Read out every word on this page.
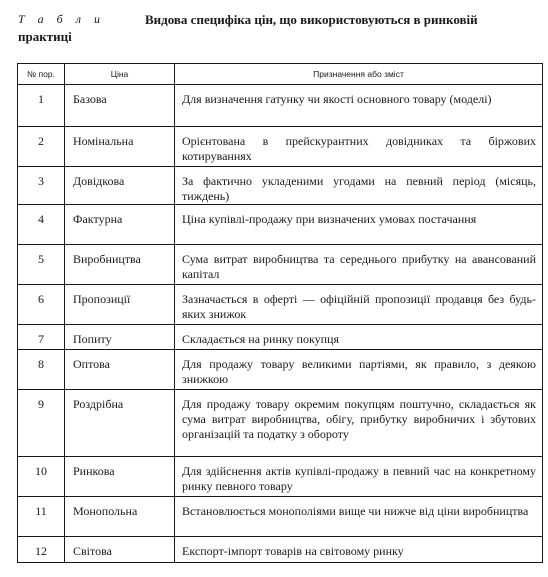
Т а б л и	Видова специфіка цін, що використовуються в ринковій
практиці
№ пор.	Ціна	Призначення або зміст
1	Базова	Для визначення гатунку чи якості основного товару (моделі)
2	Номінальна	Орієнтована в прейскурантних довідниках та біржових котируваннях
3	Довідкова	За фактично укладеними угодами на певний період (місяць, тиждень)
4	Фактурна	Ціна купівлі-продажу при визначених умовах постачання
5	Виробництва	Сума витрат виробництва та середнього прибутку на авансований капітал
6	Пропозиції	Зазначається в оферті — офіційній пропозиції продавця без будь-яких знижок
7	Попиту	Складається на ринку покупця
8	Оптова	Для продажу товару великими партіями, як правило, з деякою знижкою
9	Роздрібна	Для продажу товару окремим покупцям поштучно, складається як сума витрат виробництва, обігу, прибутку виробничих і збутових організацій та податку з обороту
10	Ринкова	Для здійснення актів купівлі-продажу в певний час на конкретному ринку певного товару
11	Монопольна	Встановлюється монополіями вище чи нижче від ціни виробництва
12	Світова	Експорт-імпорт товарів на світовому ринку
